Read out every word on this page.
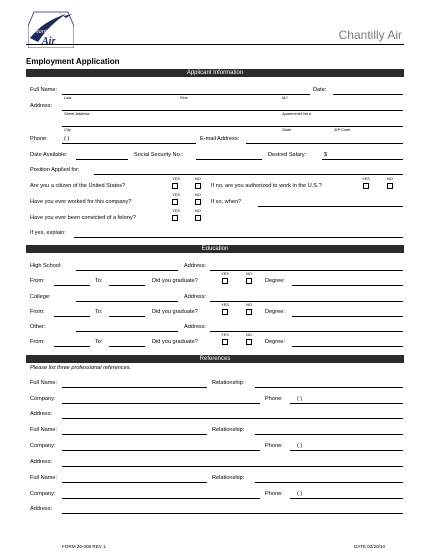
Chantilly
Air	Chantilly Air
Employment Application
Applicant Information
Full Name:	Date:
Last	First	M.I.
Address:
Street Address	Apartment/Unit #
City	State	ZIP Code
Phone:	( )	E-mail Address:
Date Available:	Social Security No.:	Desired Salary:	$
Position Applied for:
YES	NO	YES	NO
Are you a citizen of the United States?	If no, are you authorized to work in the U.S.?
YES	NO
Have you ever worked for this company?	If so, when?
YES	NO
Have you ever been convicted of a felony?
If yes, explain:
Education
High School:	Address:
YES	NO
From:	To:	Did you graduate?	Degree:
College:	Address:
YES	NO
From:	To:	Did you graduate?	Degree:
Other:	Address:
YES	NO
From:	To:	Did you graduate?	Degree:
References
Please list three professional references.
Full Name:	Relationship:
Company:	Phone:	( )
Address:
Full Name:	Relationship:
Company:	Phone:	( )
Address:
Full Name:	Relationship:
Company:	Phone:	( )
Address:
FORM 20-008 REV 1	DATE 02/20/10
